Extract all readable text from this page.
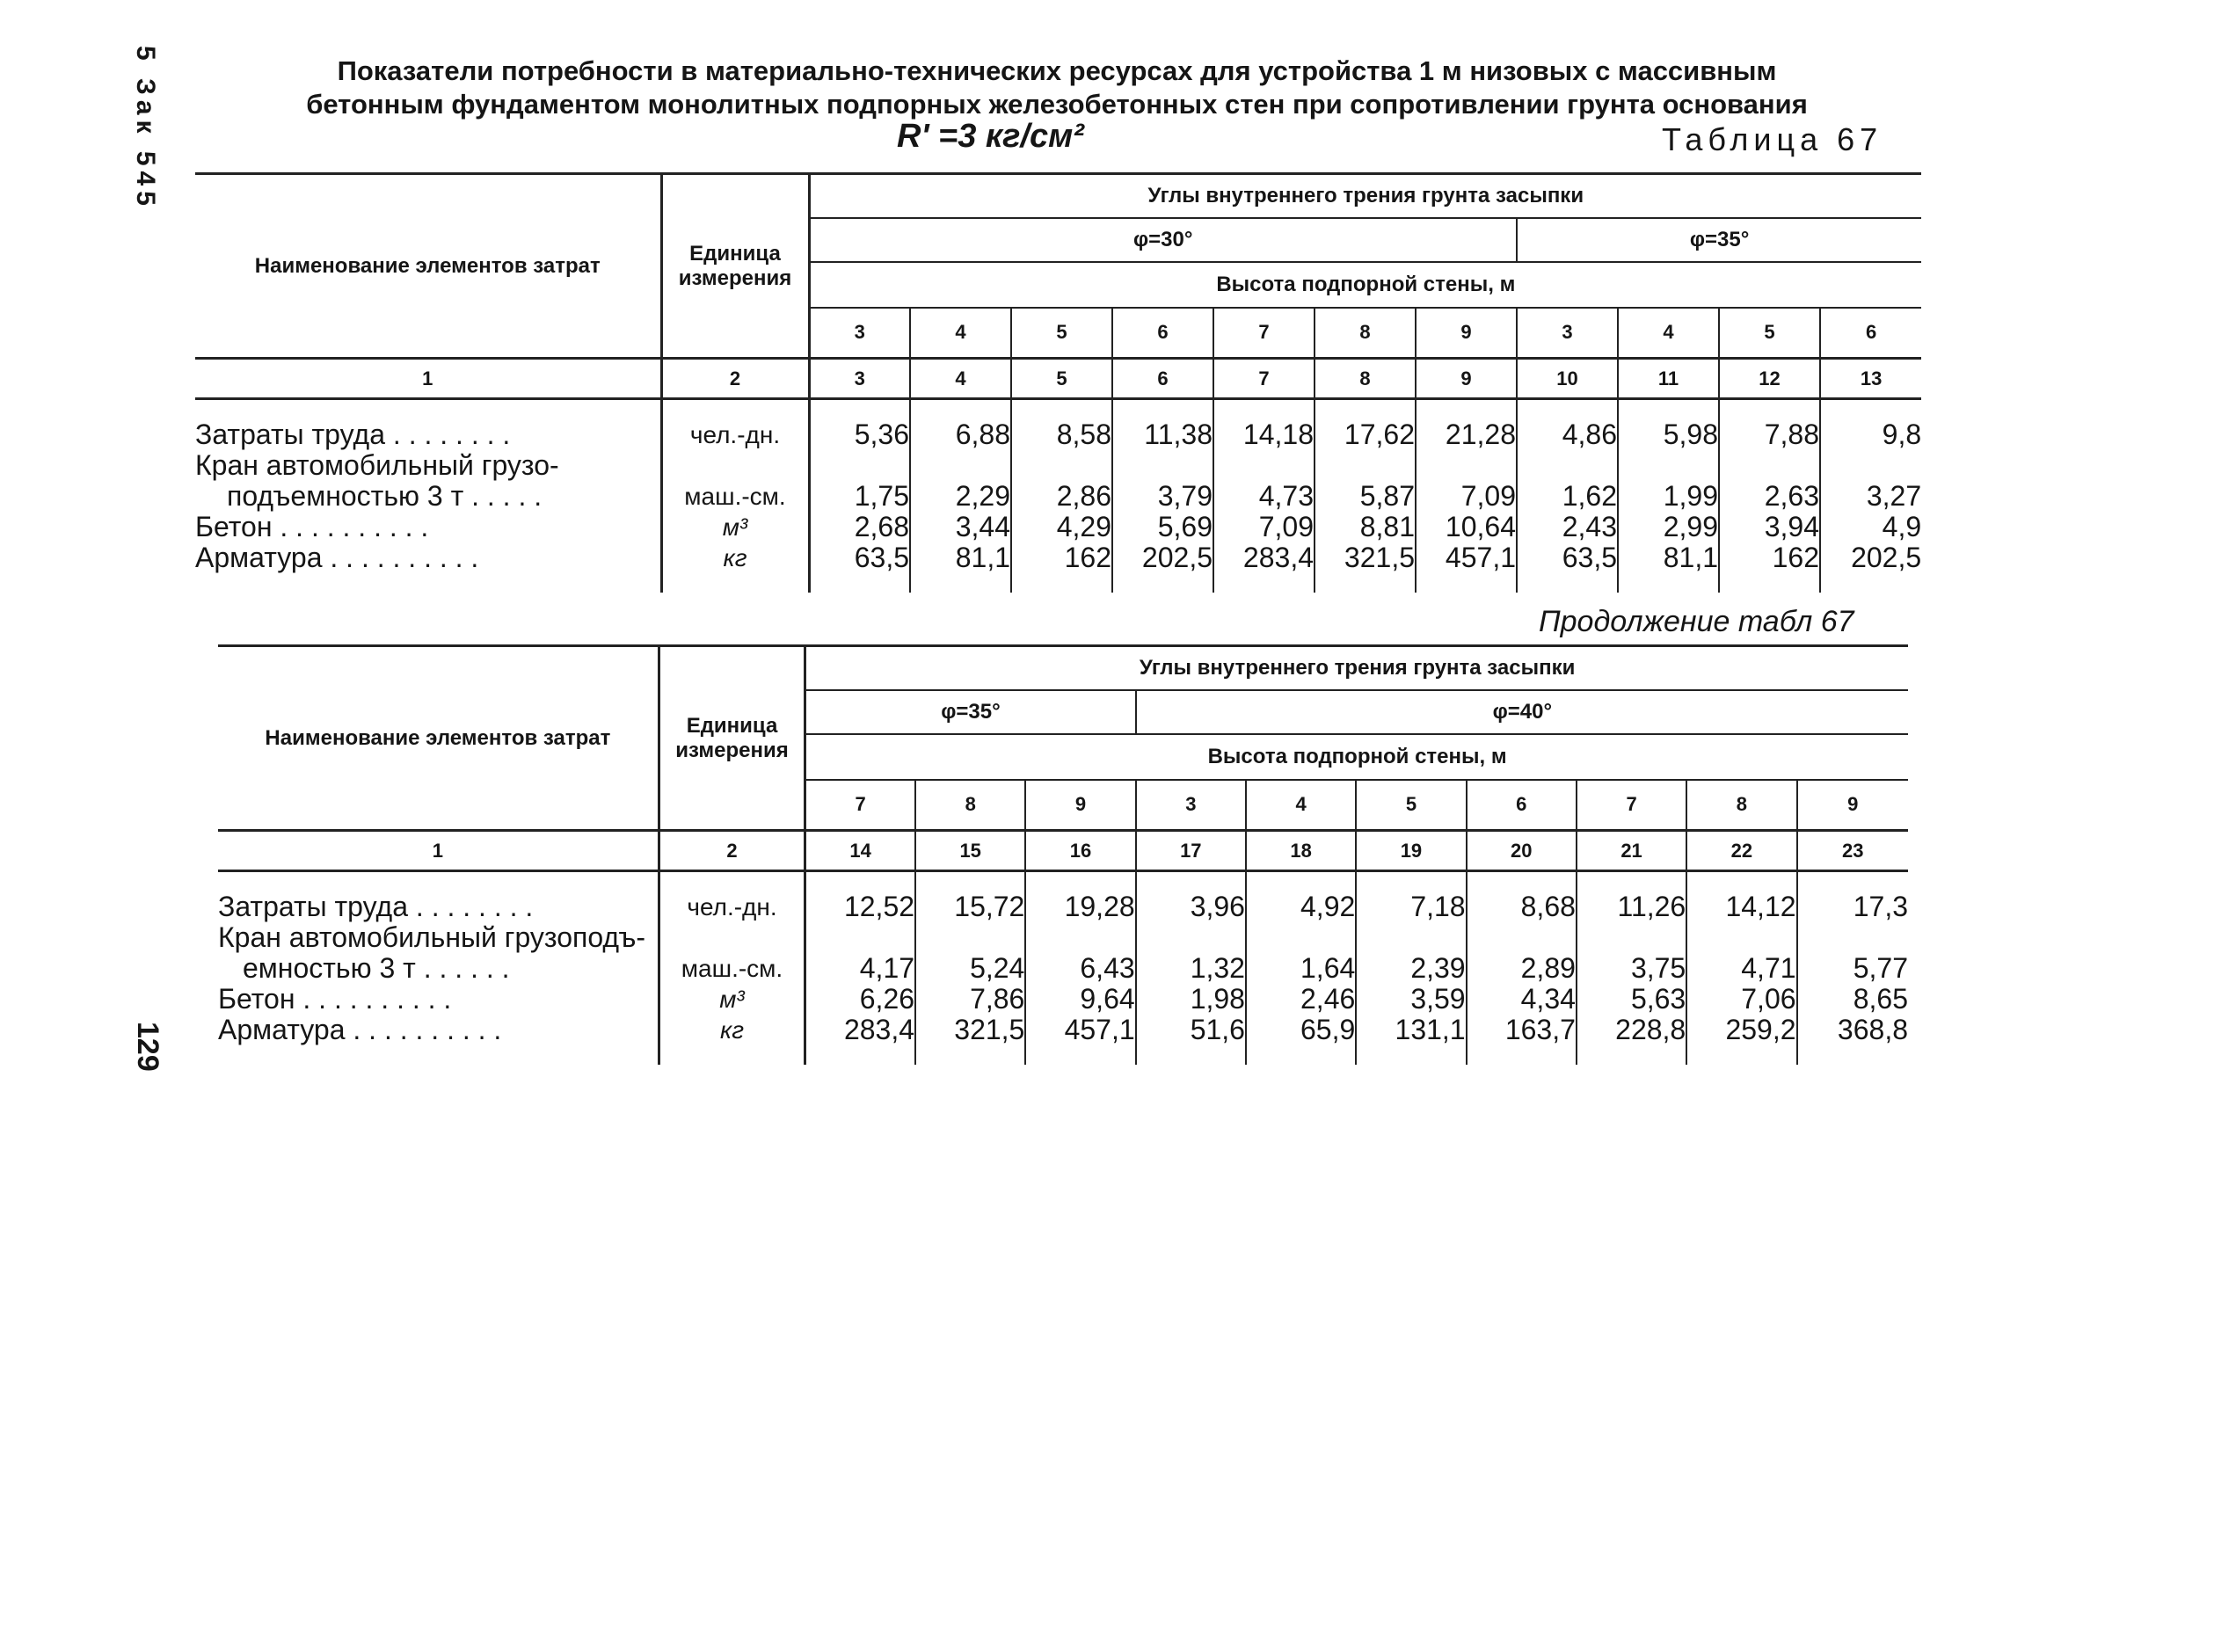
5 Зак 545
129
Показатели потребности в материально-технических ресурсах для устройства 1 м низовых с массивным
бетонным фундаментом монолитных подпорных железобетонных стен при сопротивлении грунта основания
R' =3 кг/см²	Таблица 67
Наименование элементов затрат	Единица
измерения	Углы внутреннего трения грунта засыпки										
		φ=30°							φ=35°			
		Высота подпорной стены, м										
		3	4	5	6	7	8	9	3	4	5	6
1	2	3	4	5	6	7	8	9	10	11	12	13

Затраты труда . . . . . . . .	чел.-дн.	5,36	6,88	8,58	11,38	14,18	17,62	21,28	4,86	5,98	7,88	9,8
Кран автомобильный грузо-												
подъемностью 3 т . . . . .	маш.-см.	1,75	2,29	2,86	3,79	4,73	5,87	7,09	1,62	1,99	2,63	3,27
Бетон . . . . . . . . . .	м³	2,68	3,44	4,29	5,69	7,09	8,81	10,64	2,43	2,99	3,94	4,9
Арматура . . . . . . . . . .	кг	63,5	81,1	162	202,5	283,4	321,5	457,1	63,5	81,1	162	202,5

Продолжение табл 67
Наименование элементов затрат	Единица
измерения	Углы внутреннего трения грунта засыпки									
		φ=35°			φ=40°						
		Высота подпорной стены, м									
		7	8	9	3	4	5	6	7	8	9
1	2	14	15	16	17	18	19	20	21	22	23

Затраты труда . . . . . . . .	чел.-дн.	12,52	15,72	19,28	3,96	4,92	7,18	8,68	11,26	14,12	17,3
Кран автомобильный грузоподъ-											
емностью 3 т . . . . . .	маш.-см.	4,17	5,24	6,43	1,32	1,64	2,39	2,89	3,75	4,71	5,77
Бетон . . . . . . . . . .	м³	6,26	7,86	9,64	1,98	2,46	3,59	4,34	5,63	7,06	8,65
Арматура . . . . . . . . . .	кг	283,4	321,5	457,1	51,6	65,9	131,1	163,7	228,8	259,2	368,8
